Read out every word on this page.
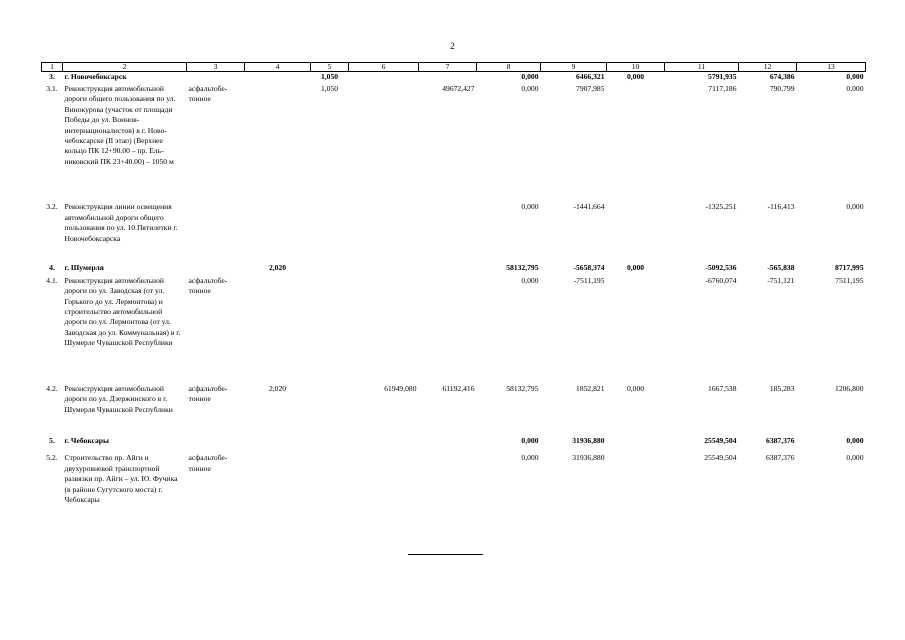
2
1	2	3	4	5	6	7	8	9	10	11	12	13
3.	г. Новочебоксарск			1,050			0,000	6466,321	0,000	5791,935	674,386	0,000
3.1.	Реконструкция автомобильной дороги общего пользования по ул. Винокурова (участок от площади Победы до ул. Воинов-интернационалистов) в г. Ново-чебоксарске (II этап) (Верхнее кольцо ПК 12+90.00 – пр. Ель-никовский ПК 23+40.00) – 1050 м	асфальтобе-тонное		1,050		49672,427	0,000	7907,985		7117,186	790,799	0,000
3.2.	Реконструкция линии освещения автомобильной дороги общего пользования по ул. 10 Пятилетки г. Новочебоксарска						0,000	-1441,664		-1325,251	-116,413	0,000
4.	г. Шумерля		2,020				58132,795	-5658,374	0,000	-5092,536	-565,838	8717,995
4.1.	Реконструкция автомобильной дороги по ул. Заводская (от ул. Горького до ул. Лермонтова) и строительство автомобильной дороги по ул. Лермонтова (от ул. Заводская до ул. Коммунальная) в г. Шумерле Чувашской Республики	асфальтобе-тонное					0,000	-7511,195		-6760,074	-751,121	7511,195
4.2.	Реконструкция автомобильной дороги по ул. Дзержинского в г. Шумерля Чувашской Республики	асфальтобе-тонное	2,020		61949,080	61192,416	58132,795	1852,821	0,000	1667,538	185,283	1206,800
5.	г. Чебоксары						0,000	31936,880		25549,504	6387,376	0,000
5.2.	Строительство пр. Айги и двухуровневой транспортной развязки пр. Айги – ул. Ю. Фучика (в районе Сугутского моста) г. Чебоксары	асфальтобе-тонное					0,000	31936,880		25549,504	6387,376	0,000
